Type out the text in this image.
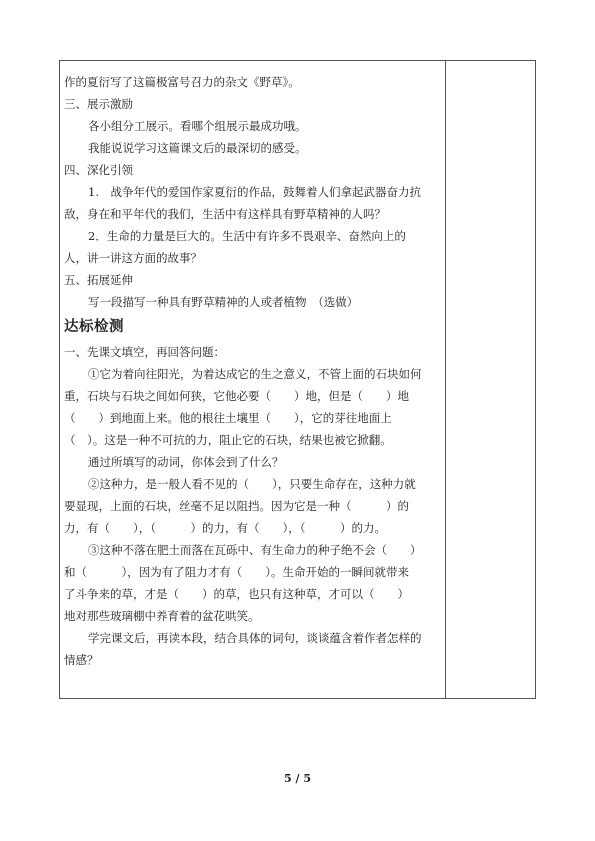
作的夏衍写了这篇极富号召力的杂文《野草》。
三、展示激励
各小组分工展示。看哪个组展示最成功哦。
我能说说学习这篇课文后的最深切的感受。
四、深化引领
1.　战争年代的爱国作家夏衍的作品，鼓舞着人们拿起武器奋力抗
敌，身在和平年代的我们，生活中有这样具有野草精神的人吗？
2．生命的力量是巨大的。生活中有许多不畏艰辛、奋然向上的
人，讲一讲这方面的故事？
五、拓展延伸
写一段描写一种具有野草精神的人或者植物　（选做）
达标检测
一、先课文填空，再回答问题：
①它为着向往阳光，为着达成它的生之意义，不管上面的石块如何
重，石块与石块之间如何狭，它他必要（　　）地，但是（　　）地
（　　）到地面上来。他的根往土壤里（　　），它的芽往地面上
（　）。这是一种不可抗的力，阻止它的石块，结果也被它掀翻。
通过所填写的动词，你体会到了什么？
②这种力，是一般人看不见的（　　），只要生命存在，这种力就
要显现，上面的石块，丝毫不足以阻挡。因为它是一种（　　　）的
力，有（　　），（　　　）的力，有（　　），（　　　）的力。
③这种不落在肥土而落在瓦砾中、有生命力的种子绝不会（　　）
和（　　　），因为有了阻力才有（　　）。生命开始的一瞬间就带来
了斗争来的草，才是（　　）的草，也只有这种草，才可以（　　）
地对那些玻璃棚中养育着的盆花哄笑。
学完课文后，再读本段，结合具体的词句，谈谈蕴含着作者怎样的
情感？
5 / 5
